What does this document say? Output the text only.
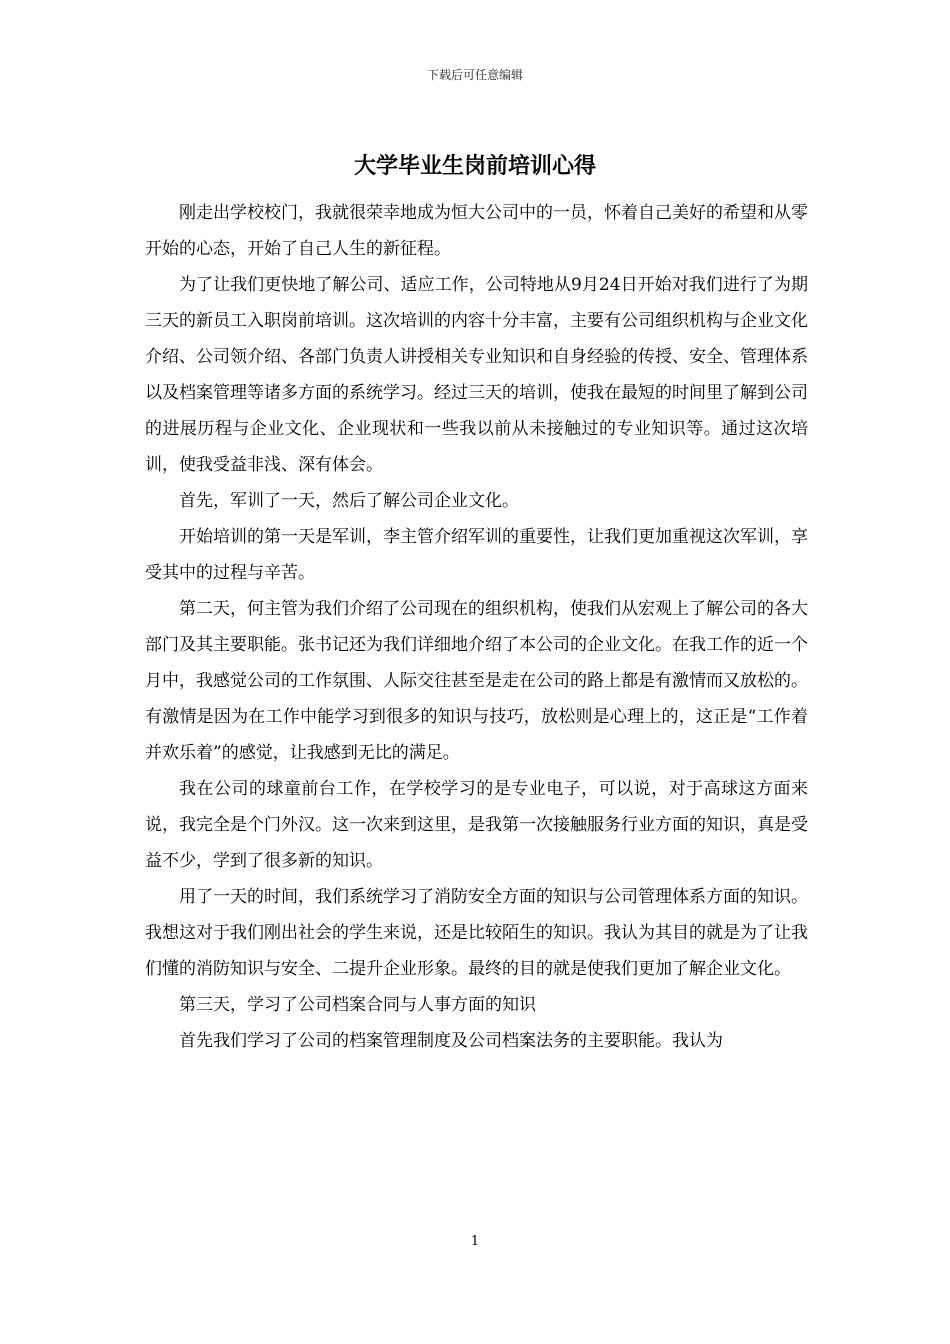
下载后可任意编辑
大学毕业生岗前培训心得

刚走出学校校门，我就很荣幸地成为恒大公司中的一员，怀着自己美好的希望和从零开始的心态，开始了自己人生的新征程。

为了让我们更快地了解公司、适应工作，公司特地从9月24日开始对我们进行了为期三天的新员工入职岗前培训。这次培训的内容十分丰富，主要有公司组织机构与企业文化介绍、公司领介绍、各部门负责人讲授相关专业知识和自身经验的传授、安全、管理体系以及档案管理等诸多方面的系统学习。经过三天的培训，使我在最短的时间里了解到公司的进展历程与企业文化、企业现状和一些我以前从未接触过的专业知识等。通过这次培训，使我受益非浅、深有体会。

首先，军训了一天，然后了解公司企业文化。

开始培训的第一天是军训，李主管介绍军训的重要性，让我们更加重视这次军训，享受其中的过程与辛苦。

第二天，何主管为我们介绍了公司现在的组织机构，使我们从宏观上了解公司的各大部门及其主要职能。张书记还为我们详细地介绍了本公司的企业文化。在我工作的近一个月中，我感觉公司的工作氛围、人际交往甚至是走在公司的路上都是有激情而又放松的。有激情是因为在工作中能学习到很多的知识与技巧，放松则是心理上的，这正是“工作着并欢乐着”的感觉，让我感到无比的满足。

我在公司的球童前台工作，在学校学习的是专业电子，可以说，对于高球这方面来说，我完全是个门外汉。这一次来到这里，是我第一次接触服务行业方面的知识，真是受益不少，学到了很多新的知识。

用了一天的时间，我们系统学习了消防安全方面的知识与公司管理体系方面的知识。我想这对于我们刚出社会的学生来说，还是比较陌生的知识。我认为其目的就是为了让我们懂的消防知识与安全、二提升企业形象。最终的目的就是使我们更加了解企业文化。

第三天，学习了公司档案合同与人事方面的知识

首先我们学习了公司的档案管理制度及公司档案法务的主要职能。我认为

1
